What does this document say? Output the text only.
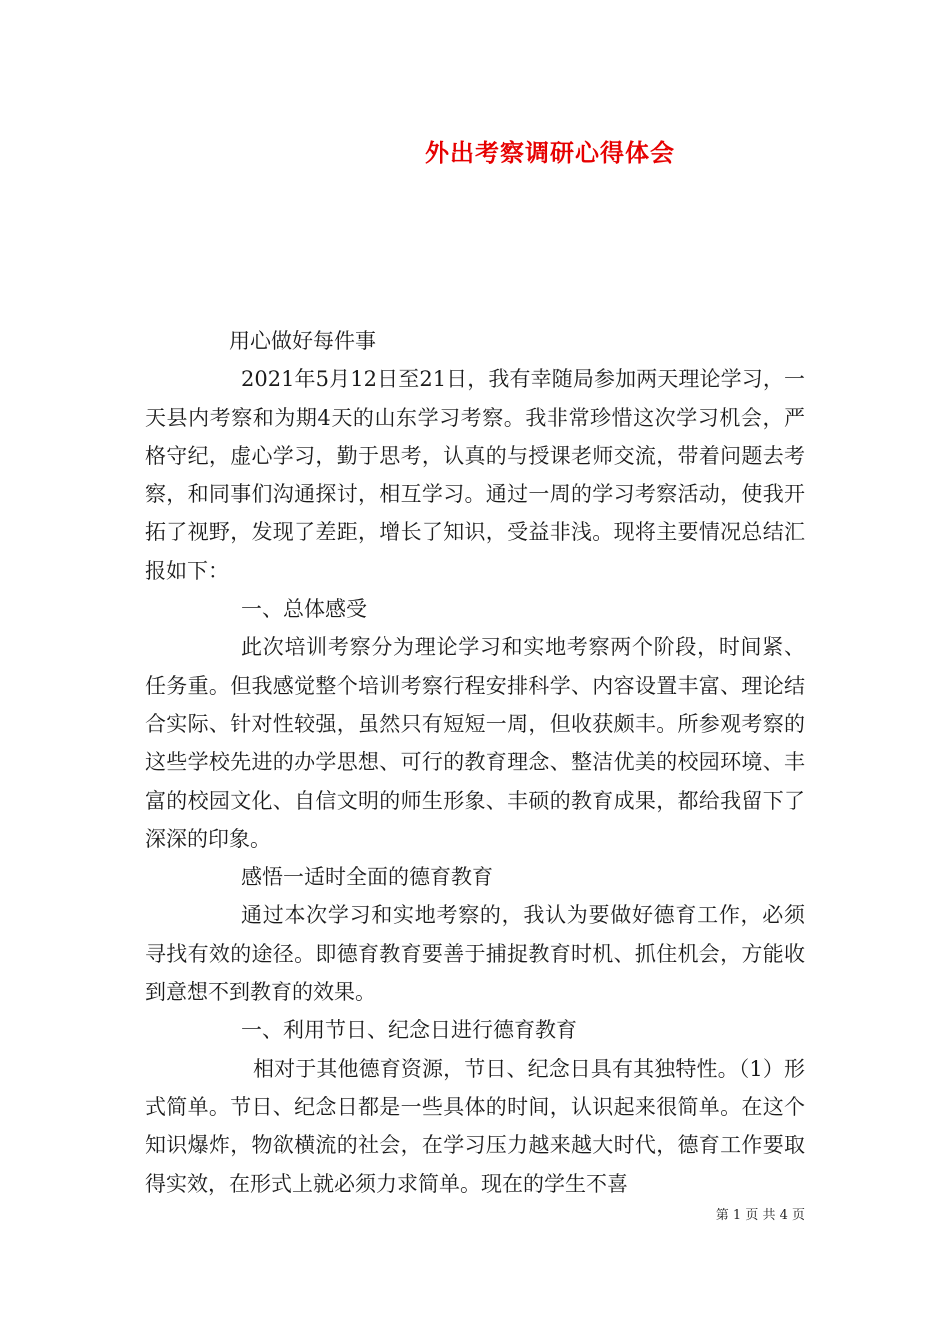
外出考察调研心得体会

用心做好每件事

2021年5月12日至21日，我有幸随局参加两天理论学习，一天县内考察和为期4天的山东学习考察。我非常珍惜这次学习机会，严格守纪，虚心学习，勤于思考，认真的与授课老师交流，带着问题去考察，和同事们沟通探讨，相互学习。通过一周的学习考察活动，使我开拓了视野，发现了差距，增长了知识，受益非浅。现将主要情况总结汇报如下：

一、总体感受

此次培训考察分为理论学习和实地考察两个阶段，时间紧、任务重。但我感觉整个培训考察行程安排科学、内容设置丰富、理论结合实际、针对性较强，虽然只有短短一周，但收获颇丰。所参观考察的这些学校先进的办学思想、可行的教育理念、整洁优美的校园环境、丰富的校园文化、自信文明的师生形象、丰硕的教育成果，都给我留下了深深的印象。

感悟一适时全面的德育教育

通过本次学习和实地考察的，我认为要做好德育工作，必须寻找有效的途径。即德育教育要善于捕捉教育时机、抓住机会，方能收到意想不到教育的效果。

一、利用节日、纪念日进行德育教育

相对于其他德育资源，节日、纪念日具有其独特性。（1）形式简单。节日、纪念日都是一些具体的时间，认识起来很简单。在这个知识爆炸，物欲横流的社会，在学习压力越来越大时代，德育工作要取得实效，在形式上就必须力求简单。现在的学生不喜

第 1 页 共 4 页
